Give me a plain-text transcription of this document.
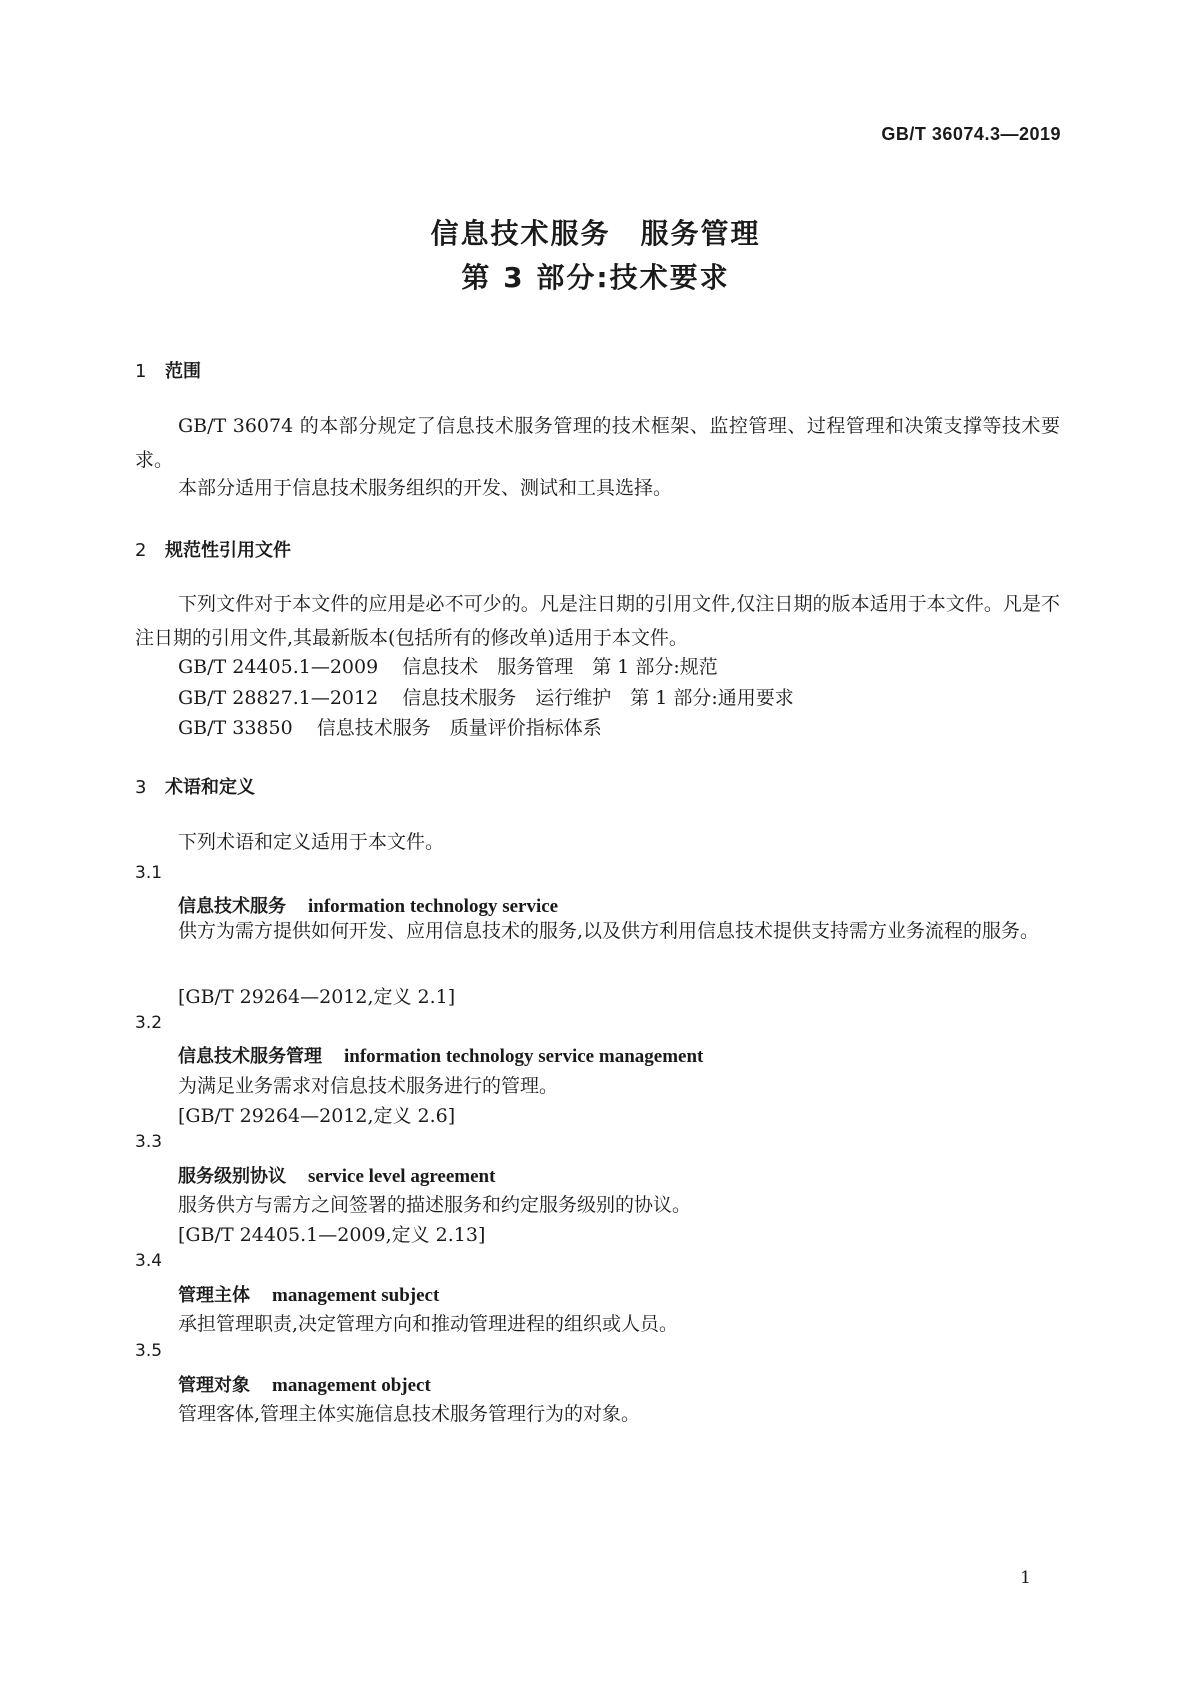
GB/T 36074.3—2019
信息技术服务　服务管理
第 3 部分:技术要求
1 范围
GB/T 36074 的本部分规定了信息技术服务管理的技术框架、监控管理、过程管理和决策支撑等技术要求。
本部分适用于信息技术服务组织的开发、测试和工具选择。
2 规范性引用文件
下列文件对于本文件的应用是必不可少的。凡是注日期的引用文件,仅注日期的版本适用于本文件。凡是不注日期的引用文件,其最新版本(包括所有的修改单)适用于本文件。
GB/T 24405.1—2009 信息技术　服务管理　第 1 部分:规范
GB/T 28827.1—2012 信息技术服务　运行维护　第 1 部分:通用要求
GB/T 33850 信息技术服务　质量评价指标体系
3 术语和定义
下列术语和定义适用于本文件。
3.1
信息技术服务 information technology service
供方为需方提供如何开发、应用信息技术的服务,以及供方利用信息技术提供支持需方业务流程的服务。
[GB/T 29264—2012,定义 2.1]
3.2
信息技术服务管理 information technology service management
为满足业务需求对信息技术服务进行的管理。
[GB/T 29264—2012,定义 2.6]
3.3
服务级别协议 service level agreement
服务供方与需方之间签署的描述服务和约定服务级别的协议。
[GB/T 24405.1—2009,定义 2.13]
3.4
管理主体 management subject
承担管理职责,决定管理方向和推动管理进程的组织或人员。
3.5
管理对象 management object
管理客体,管理主体实施信息技术服务管理行为的对象。
1
